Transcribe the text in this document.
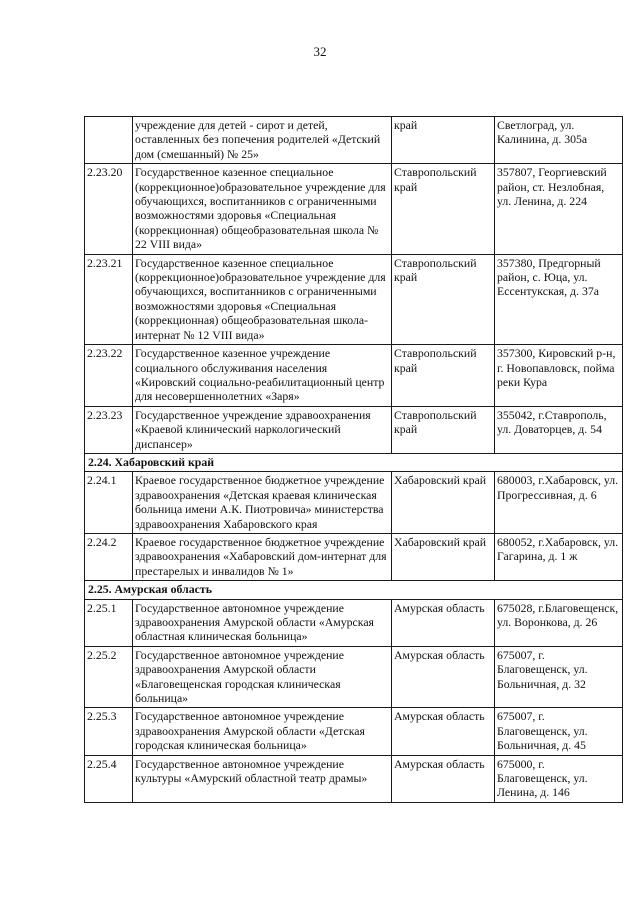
32
	учреждение для детей - сирот и детей, оставленных без попечения родителей «Детский дом (смешанный) № 25»	край	Светлоград, ул. Калинина, д. 305а
2.23.20	Государственное казенное специальное (коррекционное)образовательное учреждение для обучающихся, воспитанников с ограниченными возможностями здоровья «Специальная (коррекционная) общеобразовательная школа № 22 VIII вида»	Ставропольский край	357807, Георгиевский район, ст. Незлобная, ул. Ленина, д. 224
2.23.21	Государственное казенное специальное (коррекционное)образовательное учреждение для обучающихся, воспитанников с ограниченными возможностями здоровья «Специальная (коррекционная) общеобразовательная школа-интернат № 12 VIII вида»	Ставропольский край	357380, Предгорный район, с. Юца, ул. Ессентукская, д. 37а
2.23.22	Государственное казенное учреждение социального обслуживания населения «Кировский социально-реабилитационный центр для несовершеннолетних «Заря»	Ставропольский край	357300, Кировский р-н, г. Новопавловск, пойма реки Кура
2.23.23	Государственное учреждение здравоохранения «Краевой клинический наркологический диспансер»	Ставропольский край	355042, г.Ставрополь, ул. Доваторцев, д. 54
2.24. Хабаровский край			
2.24.1	Краевое государственное бюджетное учреждение здравоохранения «Детская краевая клиническая больница имени А.К. Пиотровича» министерства здравоохранения Хабаровского края	Хабаровский край	680003, г.Хабаровск, ул. Прогрессивная, д. 6
2.24.2	Краевое государственное бюджетное учреждение здравоохранения «Хабаровский дом-интернат для престарелых и инвалидов № 1»	Хабаровский край	680052, г.Хабаровск, ул. Гагарина, д. 1 ж
2.25. Амурская область			
2.25.1	Государственное автономное учреждение здравоохранения Амурской области «Амурская областная клиническая больница»	Амурская область	675028, г.Благовещенск, ул. Воронкова, д. 26
2.25.2	Государственное автономное учреждение здравоохранения Амурской области «Благовещенская городская клиническая больница»	Амурская область	675007, г. Благовещенск, ул. Больничная, д. 32
2.25.3	Государственное автономное учреждение здравоохранения Амурской области «Детская городская клиническая больница»	Амурская область	675007, г. Благовещенск, ул. Больничная, д. 45
2.25.4	Государственное автономное учреждение культуры «Амурский областной театр драмы»	Амурская область	675000, г. Благовещенск, ул. Ленина, д. 146
